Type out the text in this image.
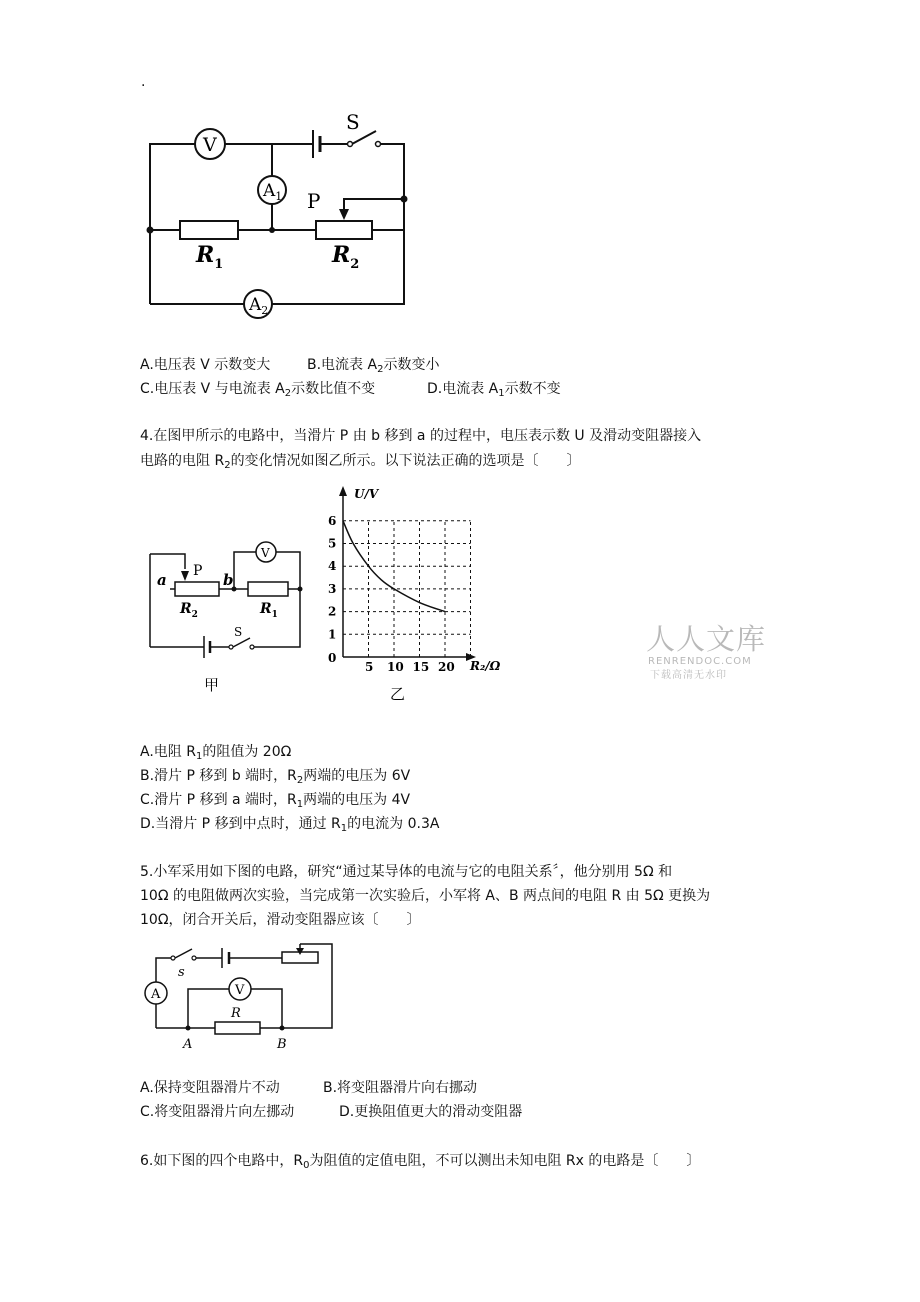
.
V
S
$A_1$ P
$R_1$	$R_2$
$A_2$
A.电压表 V 示数变大	B.电流表 $A_2$示数变小
C.电压表 V 与电流表 $A_2$示数比值不变	D.电流表 $A_1$示数不变
4.在图甲所示的电路中，当滑片 P 由 b 移到 a 的过程中，电压表示数 U 及滑动变阻器接入
电路的电阻 $R_2$的变化情况如图乙所示。以下说法正确的选项是〔　　〕
a P b
$R_2$	$R_1$
V
S
甲
5 10 15 20
1
2
3
4
5
6
U/V
R₂/Ω
0
乙
人人文库
RENRENDOC.COM
下载高清无水印
A.电阻 $R_1$的阻值为 20Ω
B.滑片 P 移到 b 端时，$R_2$两端的电压为 6V
C.滑片 P 移到 a 端时，$R_1$两端的电压为 4V
D.当滑片 P 移到中点时，通过 $R_1$的电流为 0.3A
5.小军采用如下图的电路，研究“通过某导体的电流与它的电阻关系〞，他分别用 5Ω 和
10Ω 的电阻做两次实验，当完成第一次实验后，小军将 A、B 两点间的电阻 R 由 5Ω 更换为
10Ω，闭合开关后，滑动变阻器应该〔　　〕
s
A	V
R
A	B
A.保持变阻器滑片不动	B.将变阻器滑片向右挪动
C.将变阻器滑片向左挪动	D.更换阻值更大的滑动变阻器
6.如下图的四个电路中，$R_0$为阻值的定值电阻，不可以测出未知电阻 Rx 的电路是〔　　〕
